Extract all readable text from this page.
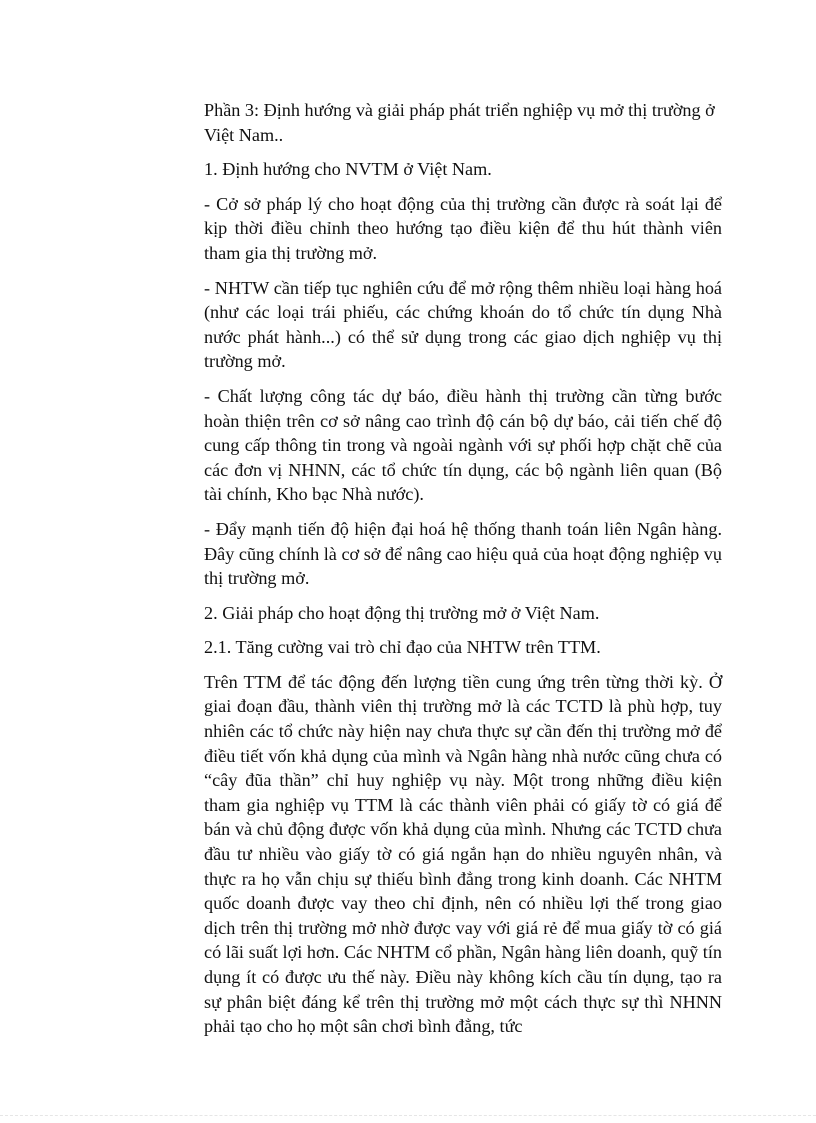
Phần 3: Định hướng và giải pháp phát triển nghiệp vụ mở thị trường ở Việt Nam..

1. Định hướng cho NVTM ở Việt Nam.

- Cở sở pháp lý cho hoạt động của thị trường cần được rà soát lại để kịp thời điều chỉnh theo hướng tạo điều kiện để thu hút thành viên tham gia thị trường mở.

- NHTW cần tiếp tục nghiên cứu để mở rộng thêm nhiều loại hàng hoá (như các loại trái phiếu, các chứng khoán do tổ chức tín dụng Nhà nước phát hành...) có thể sử dụng trong các giao dịch nghiệp vụ thị trường mở.

- Chất lượng công tác dự báo, điều hành thị trường cần từng bước hoàn thiện trên cơ sở nâng cao trình độ cán bộ dự báo, cải tiến chế độ cung cấp thông tin trong và ngoài ngành với sự phối hợp chặt chẽ của các đơn vị NHNN, các tổ chức tín dụng, các bộ ngành liên quan (Bộ tài chính, Kho bạc Nhà nước).

- Đẩy mạnh tiến độ hiện đại hoá hệ thống thanh toán liên Ngân hàng. Đây cũng chính là cơ sở để nâng cao hiệu quả của hoạt động nghiệp vụ thị trường mở.

2. Giải pháp cho hoạt động thị trường mở ở Việt Nam.

2.1. Tăng cường vai trò chỉ đạo của NHTW trên TTM.

Trên TTM để tác động đến lượng tiền cung ứng trên từng thời kỳ. Ở giai đoạn đầu, thành viên thị trường mở là các TCTD là phù hợp, tuy nhiên các tổ chức này hiện nay chưa thực sự cần đến thị trường mở để điều tiết vốn khả dụng của mình và Ngân hàng nhà nước cũng chưa có “cây đũa thần” chỉ huy nghiệp vụ này. Một trong những điều kiện tham gia nghiệp vụ TTM là các thành viên phải có giấy tờ có giá để bán và chủ động được vốn khả dụng của mình. Nhưng các TCTD chưa đầu tư nhiều vào giấy tờ có giá ngắn hạn do nhiều nguyên nhân, và thực ra họ vẫn chịu sự thiếu bình đẳng trong kinh doanh. Các NHTM quốc doanh được vay theo chỉ định, nên có nhiều lợi thế trong giao dịch trên thị trường mở nhờ được vay với giá rẻ để mua giấy tờ có giá có lãi suất lợi hơn. Các NHTM cổ phần, Ngân hàng liên doanh, quỹ tín dụng ít có được ưu thế này. Điều này không kích cầu tín dụng, tạo ra sự phân biệt đáng kể trên thị trường mở một cách thực sự thì NHNN phải tạo cho họ một sân chơi bình đẳng, tức
